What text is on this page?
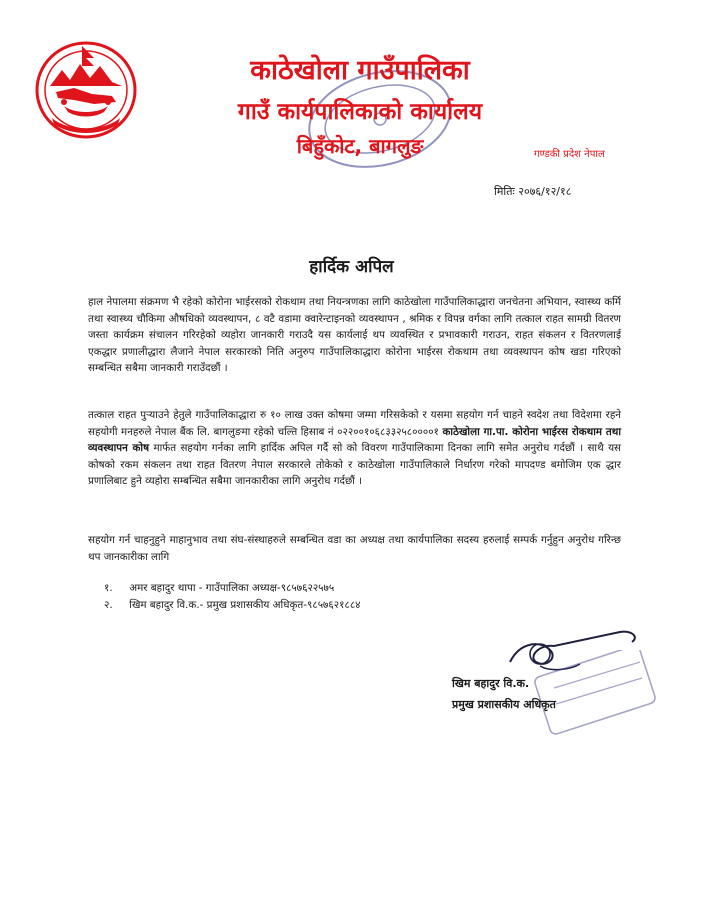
काठेखोला गाउँपालिका
गाउँ कार्यपालिकाको कार्यालय
बिहुँकोट, बागलुङ	गण्डकी प्रदेश नेपाल
मितिः २०७६/१२/१८
हार्दिक अपिल
हाल नेपालमा संक्रमण भै रहेको कोरोना भाईरसको रोकथाम तथा नियन्त्रणका लागि काठेखोला गाउँपालिकाद्धारा जनचेतना अभियान, स्वास्थ्य कर्मि तथा स्वास्थ्य चौकिमा औषधिको व्यवस्थापन, ८ वटै वडामा क्वारेन्टाइनको व्यवस्थापन , श्रमिक र विपन्न वर्गका लागि तत्काल राहत सामग्री वितरण जस्ता कार्यक्रम संचालन गरिरहेको व्यहोरा जानकारी गराउदै यस कार्यलाई थप व्यवस्थित र प्रभावकारी गराउन, राहत संकलन र वितरणलाई एकद्धार प्रणालीद्धारा लैजाने नेपाल सरकारको निति अनुरुप गाउँपालिकाद्धारा कोरोना भाईरस रोकथाम तथा व्यवस्थापन कोष खडा गरिएको सम्बन्धित सबैमा जानकारी गराउँदछौं ।
तत्काल राहत पुऱ्याउने हेतुले गाउँपालिकाद्धारा रु १० लाख उक्त कोषमा जम्मा गरिसकेको र यसमा सहयोग गर्न चाहने स्वदेश तथा विदेशमा रहने सहयोगी मनहरुले नेपाल बैंक लि. बागलुङमा रहेको चल्ति हिसाब नं ०२२००१०६८३३२५८००००१ काठेखोला गा.पा. कोरोना भाईरस रोकथाम तथा व्यवस्थापन कोष मार्फत सहयोग गर्नका लागि हार्दिक अपिल गर्दै सो को विवरण गाउँपालिकामा दिनका लागि समेत अनुरोध गर्दछौं । साथै यस कोषको रकम संकलन तथा राहत वितरण नेपाल सरकारले तोकेको र काठेखोला गाउँपालिकाले निर्धारण गरेको मापदण्ड बमोजिम एक द्धार प्रणालिबाट हुने व्यहोरा सम्बन्धित सबैमा जानकारीका लागि अनुरोध गर्दछौं ।
सहयोग गर्न चाहनुहुने माहानुभाव तथा संघ-संस्थाहरुले सम्बन्धित वडा का अध्यक्ष तथा कार्यपालिका सदस्य हरुलाई सम्पर्क गर्नुहुन अनुरोध गरिन्छ थप जानकारीका लागि
१. अमर बहादुर थापा - गाउँपालिका अध्यक्ष-९८५७६२२५७५
२. खिम बहादुर वि.क.- प्रमुख प्रशासकीय अधिकृत-९८५७६२१८८४
खिम बहादुर वि.क.
प्रमुख प्रशासकीय अधिकृत
